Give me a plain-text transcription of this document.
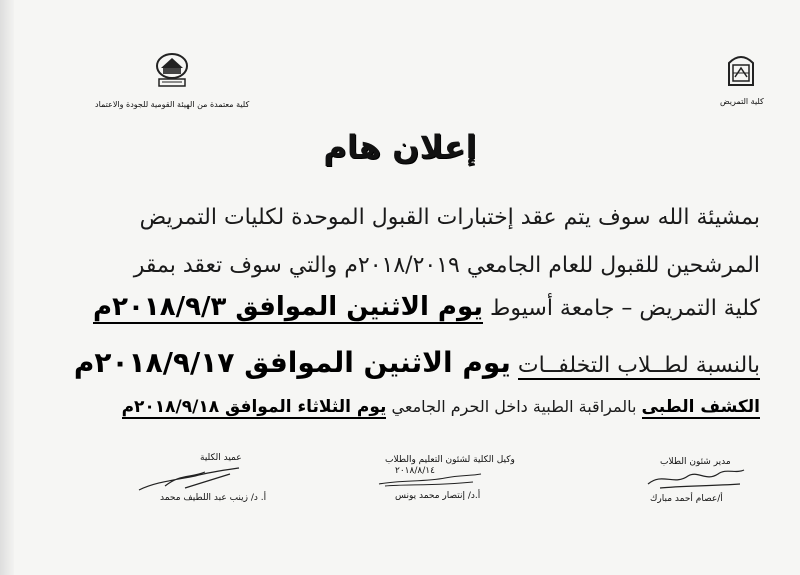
كلية معتمدة من الهيئة القومية للجودة والاعتماد	كلية التمريض
إعلان هام
بمشيئة الله سوف يتم عقد إختبارات القبول الموحدة لكليات التمريض
المرشحين للقبول للعام الجامعي ٢٠١٨/٢٠١٩م والتي سوف تعقد بمقر
كلية التمريض – جامعة أسيوط يوم الاثنين الموافق ٢٠١٨/٩/٣م
بالنسبة لطــلاب التخلفــات يوم الاثنين الموافق ٢٠١٨/٩/١٧م
الكشف الطبى بالمراقبة الطبية داخل الحرم الجامعي يوم الثلاثاء الموافق ٢٠١٨/٩/١٨م
عميد الكلية
أ. د/ زينب عبد اللطيف محمد
وكيل الكلية لشئون التعليم والطلاب
٢٠١٨/٨/١٤
أ.د/ إنتصار محمد يونس
مدير شئون الطلاب
أ/عصام أحمد مبارك
